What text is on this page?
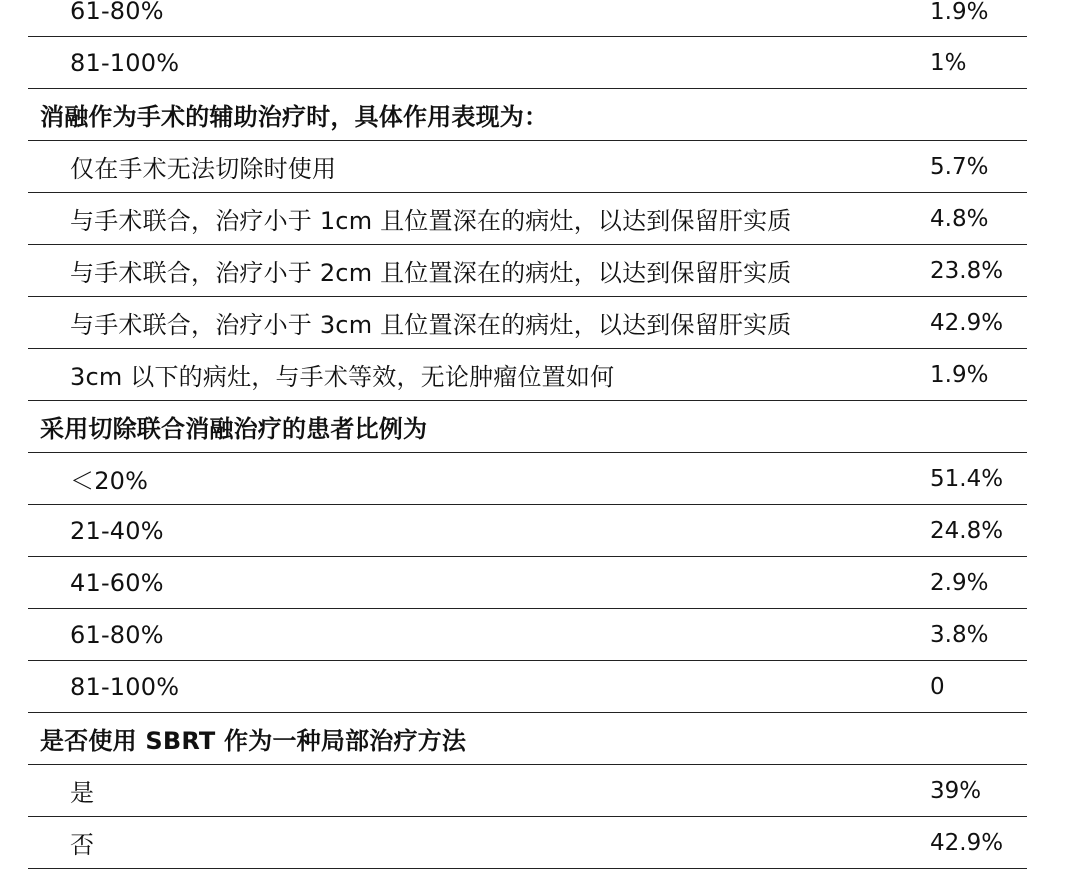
61-80%	1.9%
81-100%	1%
消融作为手术的辅助治疗时，具体作用表现为：
仅在手术无法切除时使用	5.7%
与手术联合，治疗小于 1cm 且位置深在的病灶，以达到保留肝实质	4.8%
与手术联合，治疗小于 2cm 且位置深在的病灶，以达到保留肝实质	23.8%
与手术联合，治疗小于 3cm 且位置深在的病灶，以达到保留肝实质	42.9%
3cm 以下的病灶，与手术等效，无论肿瘤位置如何	1.9%
采用切除联合消融治疗的患者比例为
＜20%	51.4%
21-40%	24.8%
41-60%	2.9%
61-80%	3.8%
81-100%	0
是否使用 SBRT 作为一种局部治疗方法
是	39%
否	42.9%
